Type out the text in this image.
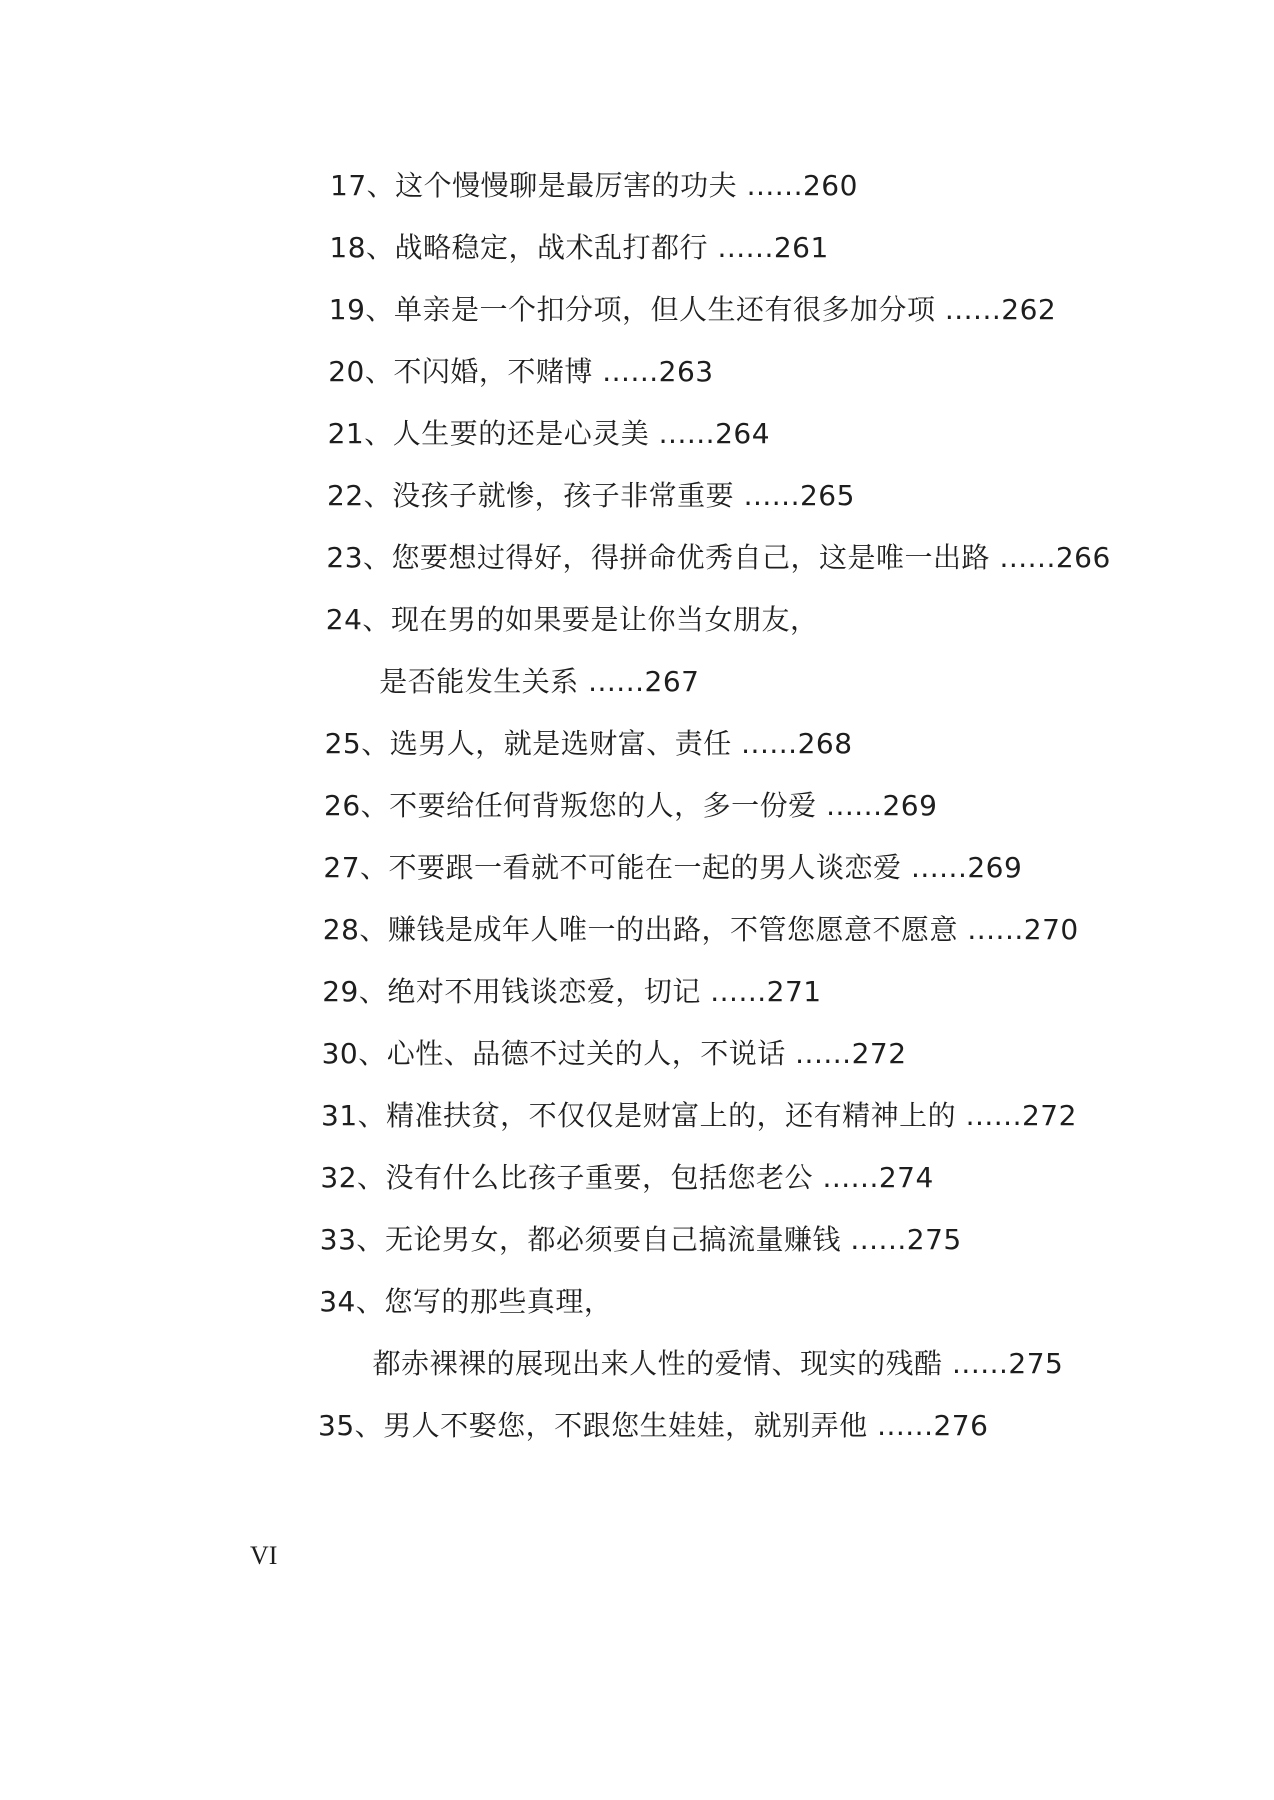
17、这个慢慢聊是最厉害的功夫 ......260
18、战略稳定，战术乱打都行 ......261
19、单亲是一个扣分项，但人生还有很多加分项 ......262
20、不闪婚，不赌博 ......263
21、人生要的还是心灵美 ......264
22、没孩子就惨，孩子非常重要 ......265
23、您要想过得好，得拼命优秀自己，这是唯一出路 ......266
24、现在男的如果要是让你当女朋友，
是否能发生关系 ......267
25、选男人，就是选财富、责任 ......268
26、不要给任何背叛您的人，多一份爱 ......269
27、不要跟一看就不可能在一起的男人谈恋爱 ......269
28、赚钱是成年人唯一的出路，不管您愿意不愿意 ......270
29、绝对不用钱谈恋爱，切记 ......271
30、心性、品德不过关的人，不说话 ......272
31、精准扶贫，不仅仅是财富上的，还有精神上的 ......272
32、没有什么比孩子重要，包括您老公 ......274
33、无论男女，都必须要自己搞流量赚钱 ......275
34、您写的那些真理，
都赤裸裸的展现出来人性的爱情、现实的残酷 ......275
35、男人不娶您，不跟您生娃娃，就别弄他 ......276
VI
